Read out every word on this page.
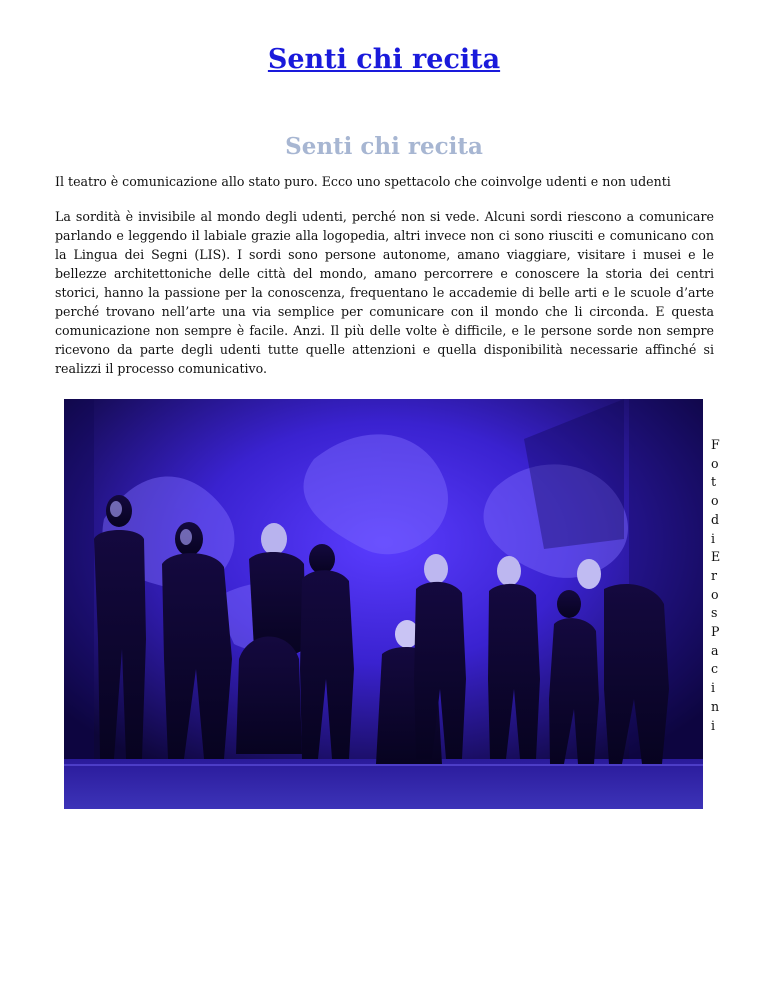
Senti chi recita
Senti chi recita

Il teatro è comunicazione allo stato puro. Ecco uno spettacolo che coinvolge udenti e non udenti

La sordità è invisibile al mondo degli udenti, perché non si vede. Alcuni sordi riescono a comunicare parlando e leggendo il labiale grazie alla logopedia, altri invece non ci sono riusciti e comunicano con la Lingua dei Segni (LIS). I sordi sono persone autonome, amano viaggiare, visitare i musei e le bellezze architettoniche delle città del mondo, amano percorrere e conoscere la storia dei centri storici, hanno la passione per la conoscenza, frequentano le accademie di belle arti e le scuole d’arte perché trovano nell’arte una via semplice per comunicare con il mondo che li circonda. E questa comunicazione non sempre è facile. Anzi. Il più delle volte è difficile, e le persone sorde non sempre ricevono da parte degli udenti tutte quelle attenzioni e quella disponibilità necessarie affinché si realizzi il processo comunicativo.

F
o
t
o
d
i
E
r
o
s
P
a
c
i
n
i
